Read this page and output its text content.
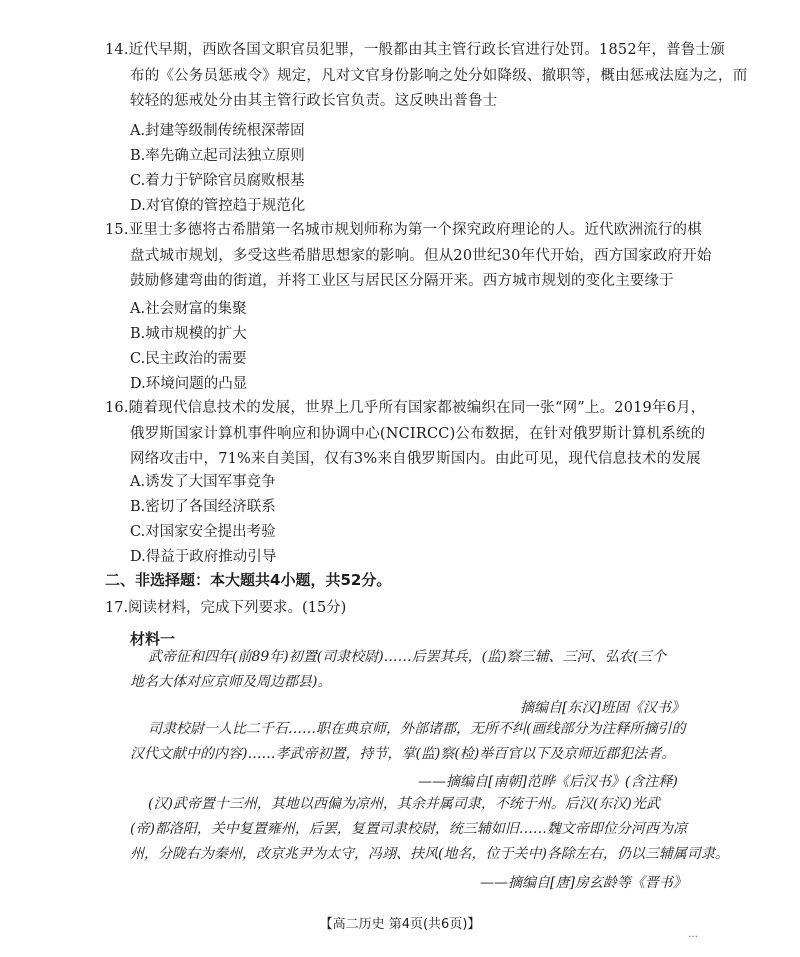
14.近代早期，西欧各国文职官员犯罪，一般都由其主管行政长官进行处罚。1852年，普鲁士颁
布的《公务员惩戒令》规定，凡对文官身份影响之处分如降级、撤职等，概由惩戒法庭为之，而
较轻的惩戒处分由其主管行政长官负责。这反映出普鲁士
A.封建等级制传统根深蒂固
B.率先确立起司法独立原则
C.着力于铲除官员腐败根基
D.对官僚的管控趋于规范化
15.亚里士多德将古希腊第一名城市规划师称为第一个探究政府理论的人。近代欧洲流行的棋
盘式城市规划，多受这些希腊思想家的影响。但从20世纪30年代开始，西方国家政府开始
鼓励修建弯曲的街道，并将工业区与居民区分隔开来。西方城市规划的变化主要缘于
A.社会财富的集聚
B.城市规模的扩大
C.民主政治的需要
D.环境问题的凸显
16.随着现代信息技术的发展，世界上几乎所有国家都被编织在同一张“网”上。2019年6月，
俄罗斯国家计算机事件响应和协调中心(NCIRCC)公布数据，在针对俄罗斯计算机系统的
网络攻击中，71%来自美国，仅有3%来自俄罗斯国内。由此可见，现代信息技术的发展
A.诱发了大国军事竞争
B.密切了各国经济联系
C.对国家安全提出考验
D.得益于政府推动引导
二、非选择题：本大题共4小题，共52分。
17.阅读材料，完成下列要求。(15分)
材料一
武帝征和四年(前89年)初置(司隶校尉)……后罢其兵，(监)察三辅、三河、弘农(三个
地名大体对应京师及周边郡县)。
摘编自[东汉]班固《汉书》
司隶校尉一人比二千石……职在典京师，外部诸郡，无所不纠(画线部分为注释所摘引的
汉代文献中的内容)……孝武帝初置，持节，掌(监)察(检)举百官以下及京师近郡犯法者。
——摘编自[南朝]范晔《后汉书》(含注释)
(汉)武帝置十三州，其地以西偏为凉州，其余并属司隶，不统于州。后汉(东汉)光武
(帝)都洛阳，关中复置雍州，后罢，复置司隶校尉，统三辅如旧……魏文帝即位分河西为凉
州，分陇右为秦州，改京兆尹为太守，冯翊、扶风(地名，位于关中)各除左右，仍以三辅属司隶。
——摘编自[唐]房玄龄等《晋书》
【高二历史 第4页(共6页)】
…
